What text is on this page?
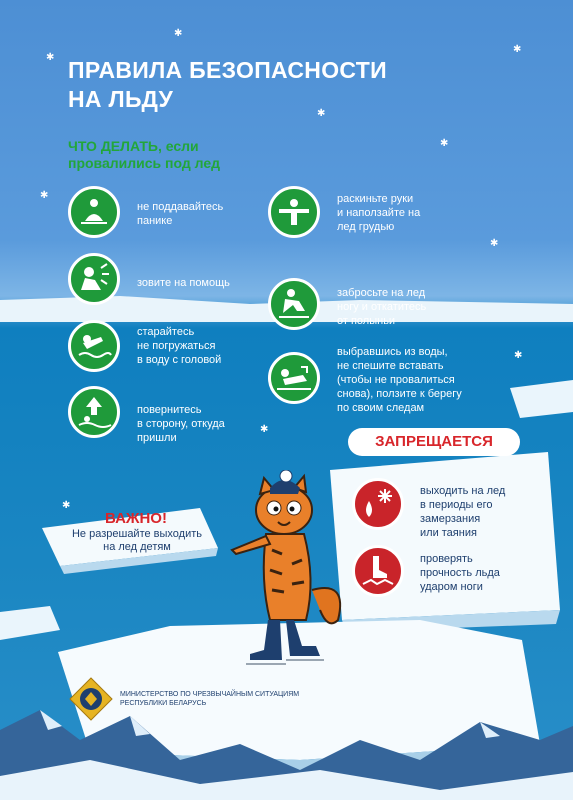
✱
✱
✱
✱
✱
✱
✱
✱
✱
✱
ПРАВИЛА БЕЗОПАСНОСТИ
НА ЛЬДУ
ЧТО ДЕЛАТЬ, если
провалились под лед
не поддавайтесь
панике
зовите на помощь
старайтесь
не погружаться
в воду с головой
повернитесь
в сторону, откуда
пришли
раскиньте руки
и наползайте на
лед грудью
забросьте на лед
ногу и откатитесь
от полыньи
выбравшись из воды,
не спешите вставать
(чтобы не провалиться
снова), ползите к берегу
по своим следам
ЗАПРЕЩАЕТСЯ
выходить на лед
в периоды его
замерзания
или таяния
проверять
прочность льда
ударом ноги
ВАЖНО!
Не разрешайте выходить
на лед детям
МИНИСТЕРСТВО ПО ЧРЕЗВЫЧАЙНЫМ СИТУАЦИЯМ
РЕСПУБЛИКИ БЕЛАРУСЬ
